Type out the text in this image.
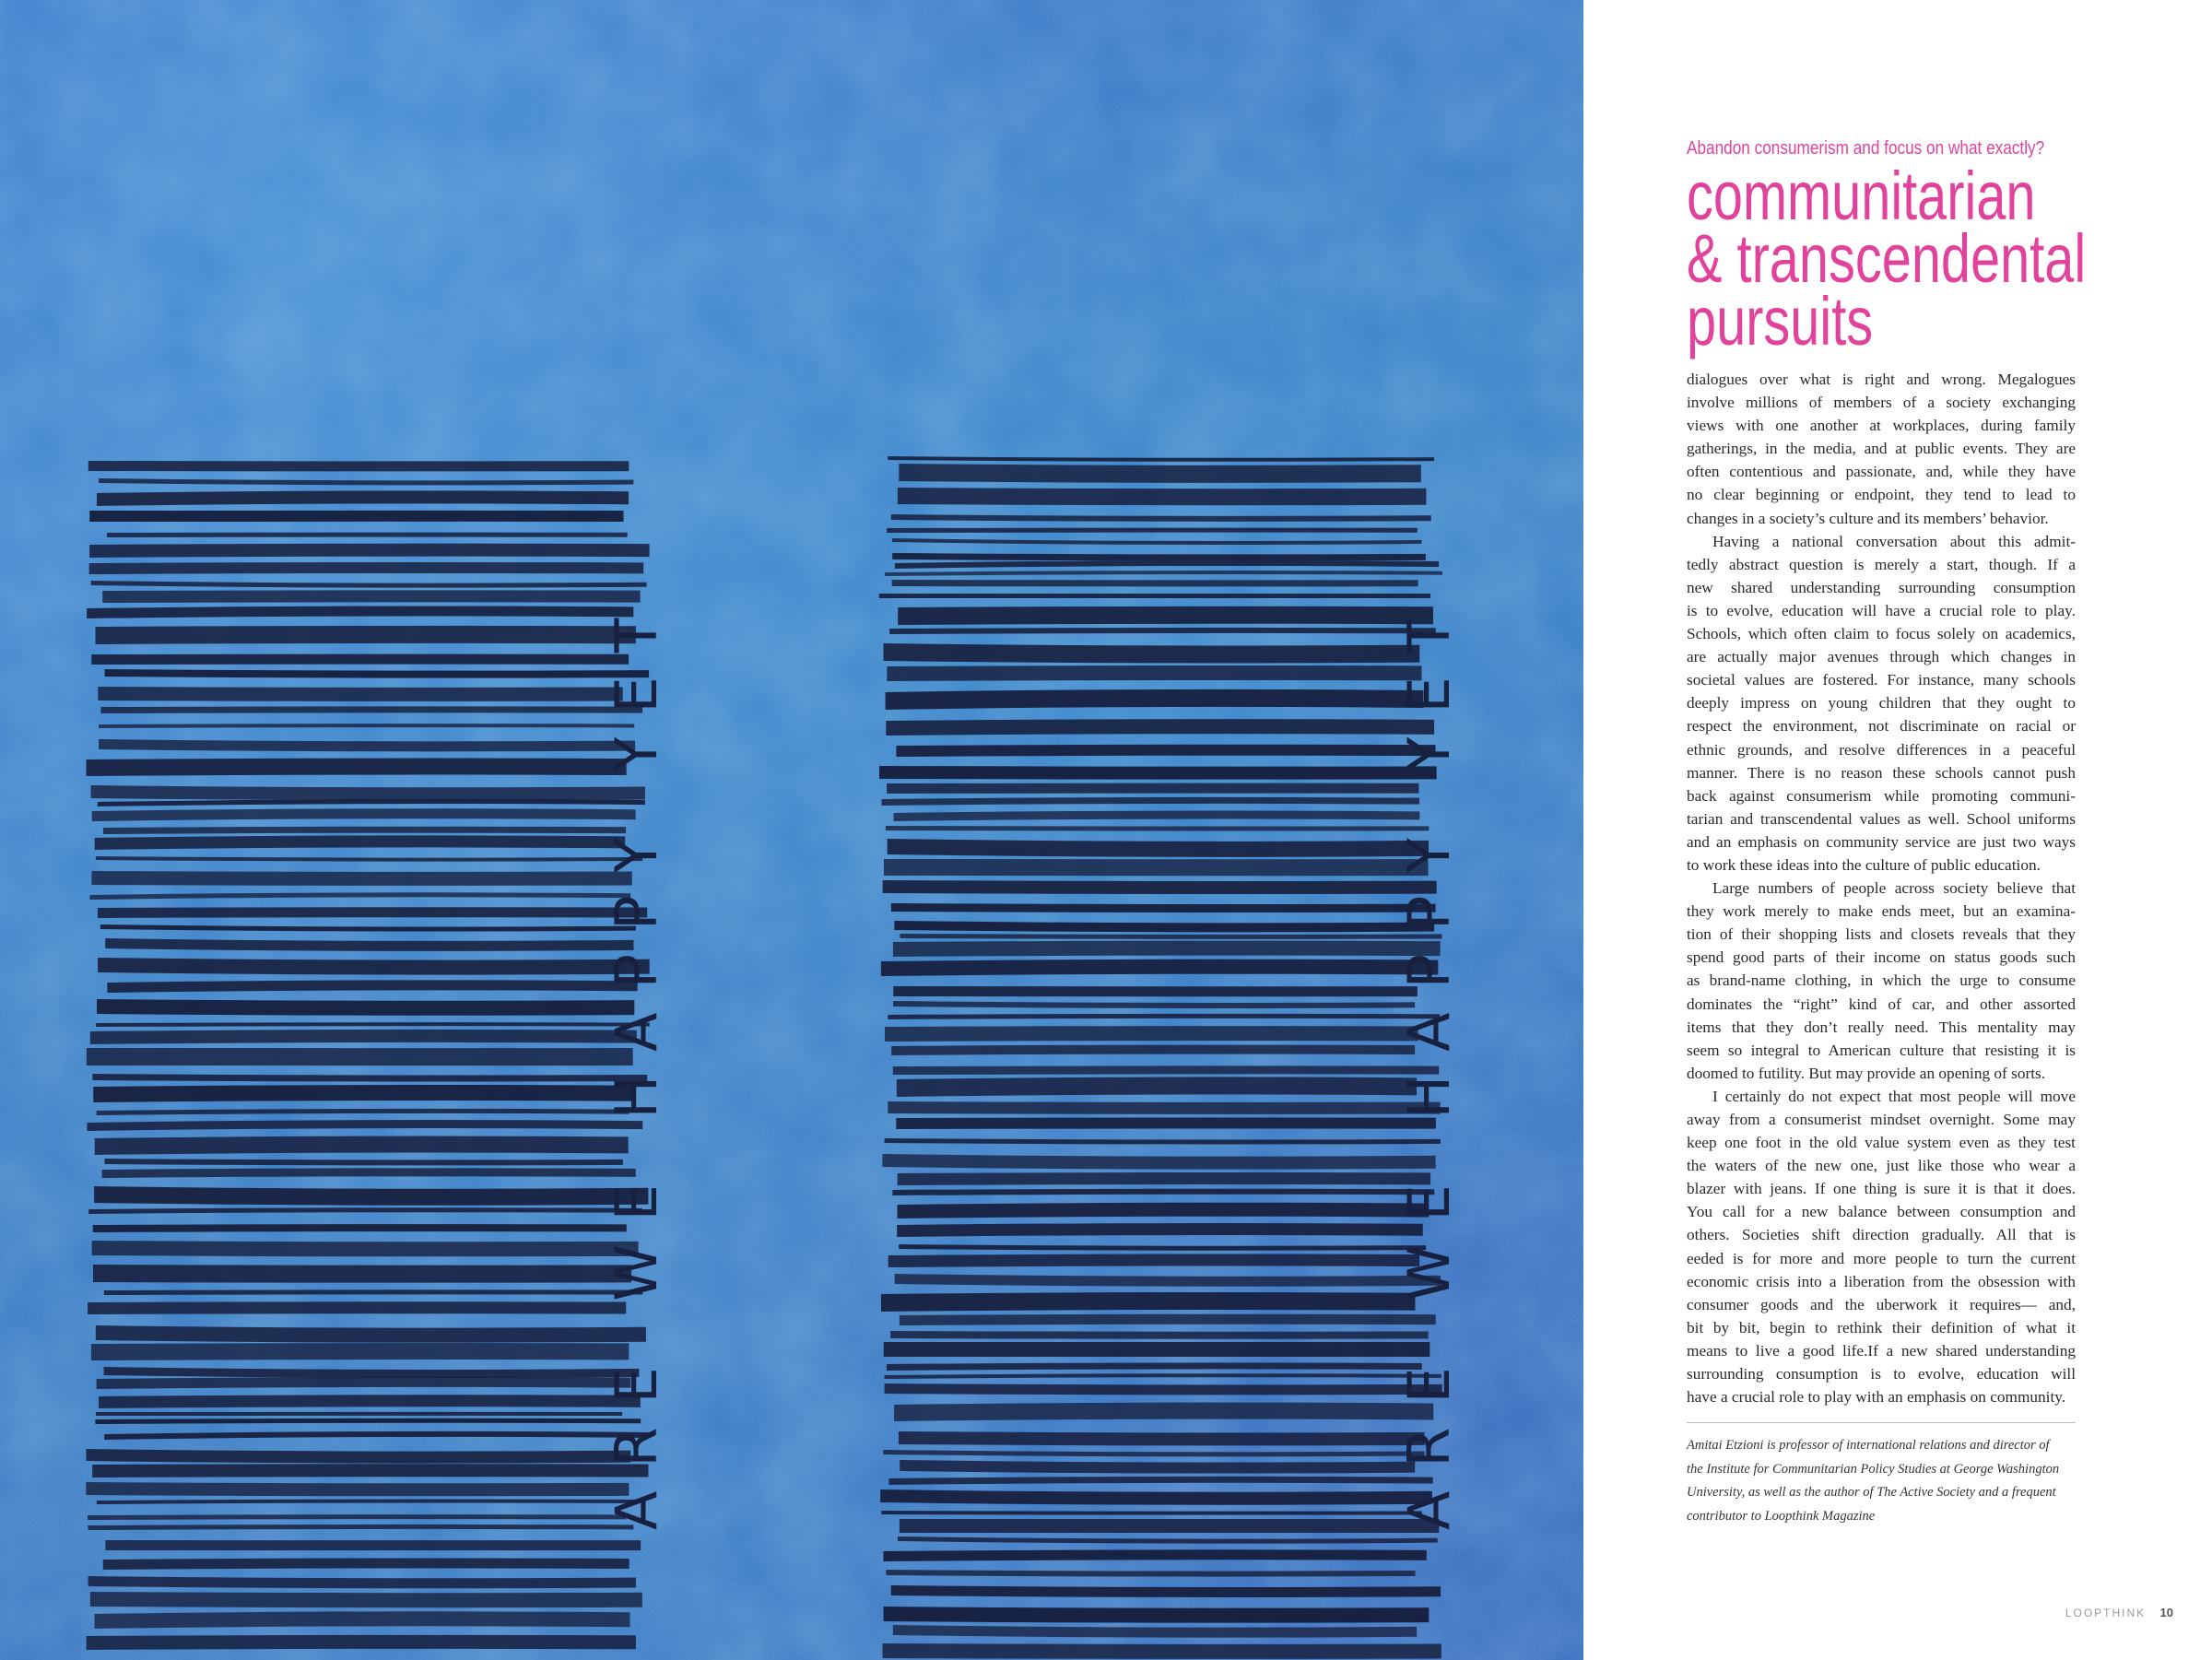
ARE WE HAPPY YET	ARE WE HAPPY YET
Abandon consumerism and focus on what exactly?
communitarian
& transcendental
pursuits

dialogues over what is right and wrong. Megalogues

involve millions of members of a society exchanging

views with one another at workplaces, during family

gatherings, in the media, and at public events. They are

often contentious and passionate, and, while they have

no clear beginning or endpoint, they tend to lead to

changes in a society’s culture and its members’ behavior.

Having a national conversation about this admit-

tedly abstract question is merely a start, though. If a

new shared understanding surrounding consumption

is to evolve, education will have a crucial role to play.

Schools, which often claim to focus solely on academics,

are actually major avenues through which changes in

societal values are fostered. For instance, many schools

deeply impress on young children that they ought to

respect the environment, not discriminate on racial or

ethnic grounds, and resolve differences in a peaceful

manner. There is no reason these schools cannot push

back against consumerism while promoting communi-

tarian and transcendental values as well. School uniforms

and an emphasis on community service are just two ways

to work these ideas into the culture of public education.

Large numbers of people across society believe that

they work merely to make ends meet, but an examina-

tion of their shopping lists and closets reveals that they

spend good parts of their income on status goods such

as brand-name clothing, in which the urge to consume

dominates the “right” kind of car, and other assorted

items that they don’t really need. This mentality may

seem so integral to American culture that resisting it is

doomed to futility. But may provide an opening of sorts.

I certainly do not expect that most people will move

away from a consumerist mindset overnight. Some may

keep one foot in the old value system even as they test

the waters of the new one, just like those who wear a

blazer with jeans. If one thing is sure it is that it does.

You call for a new balance between consumption and

others. Societies shift direction gradually. All that is

eeded is for more and more people to turn the current

economic crisis into a liberation from the obsession with

consumer goods and the uberwork it requires— and,

bit by bit, begin to rethink their definition of what it

means to live a good life.If a new shared understanding

surrounding consumption is to evolve, education will

have a crucial role to play with an emphasis on community.

Amitai Etzioni is professor of international relations and director of

the Institute for Communitarian Policy Studies at George Washington

University, as well as the author of The Active Society and a frequent

contributor to Loopthink Magazine

LOOPTHINK 10
